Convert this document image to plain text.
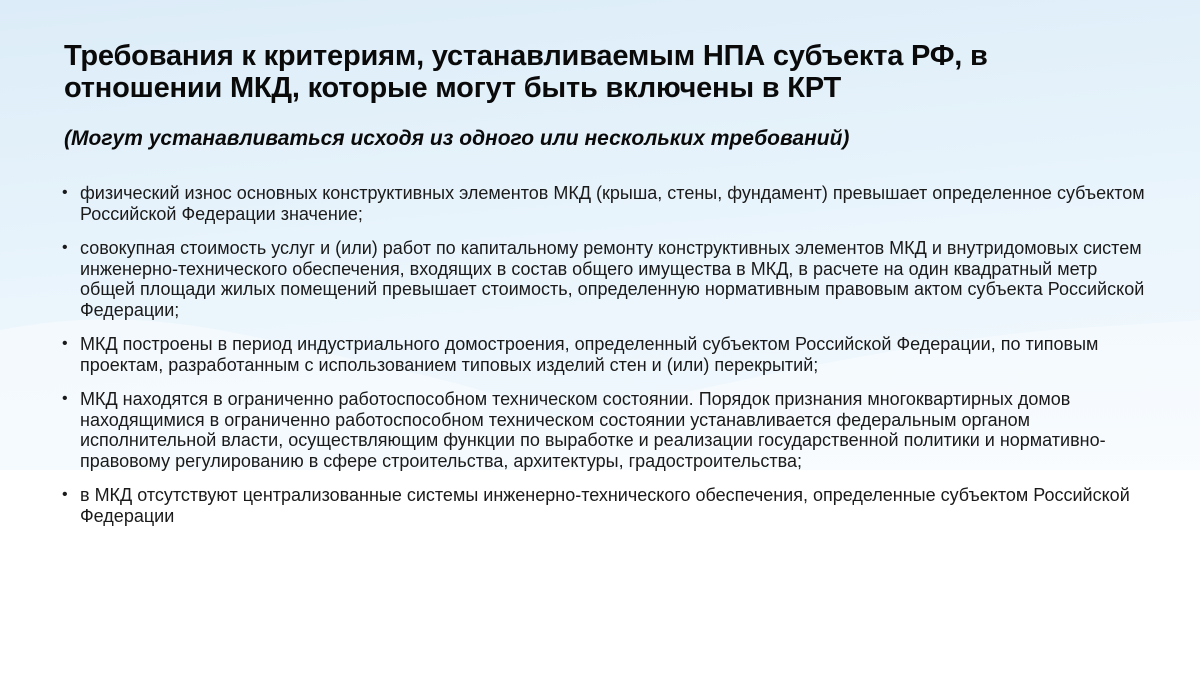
Требования к критериям, устанавливаемым НПА субъекта РФ, в отношении МКД, которые могут быть включены в КРТ

(Могут устанавливаться исходя из одного или нескольких требований)

• физический износ основных конструктивных элементов МКД (крыша, стены, фундамент) превышает определенное субъектом Российской Федерации значение;
• совокупная стоимость услуг и (или) работ по капитальному ремонту конструктивных элементов МКД и внутридомовых систем инженерно-технического обеспечения, входящих в состав общего имущества в МКД, в расчете на один квадратный метр общей площади жилых помещений превышает стоимость, определенную нормативным правовым актом субъекта Российской Федерации;
• МКД построены в период индустриального домостроения, определенный субъектом Российской Федерации, по типовым проектам, разработанным с использованием типовых изделий стен и (или) перекрытий;
• МКД находятся в ограниченно работоспособном техническом состоянии. Порядок признания многоквартирных домов находящимися в ограниченно работоспособном техническом состоянии устанавливается федеральным органом исполнительной власти, осуществляющим функции по выработке и реализации государственной политики и нормативно-правовому регулированию в сфере строительства, архитектуры, градостроительства;
• в МКД отсутствуют централизованные системы инженерно-технического обеспечения, определенные субъектом Российской Федерации
